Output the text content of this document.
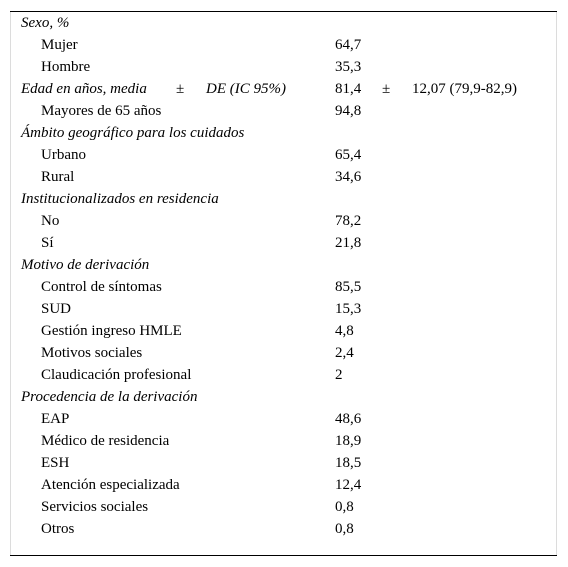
Sexo, %
Mujer	64,7
Hombre	35,3
Edad en años, media ± DE (IC 95%)	81,4 ± 12,07 (79,9-82,9)
Mayores de 65 años	94,8
Ámbito geográfico para los cuidados
Urbano	65,4
Rural	34,6
Institucionalizados en residencia
No	78,2
Sí	21,8
Motivo de derivación
Control de síntomas	85,5
SUD	15,3
Gestión ingreso HMLE	4,8
Motivos sociales	2,4
Claudicación profesional	2
Procedencia de la derivación
EAP	48,6
Médico de residencia	18,9
ESH	18,5
Atención especializada	12,4
Servicios sociales	0,8
Otros	0,8
